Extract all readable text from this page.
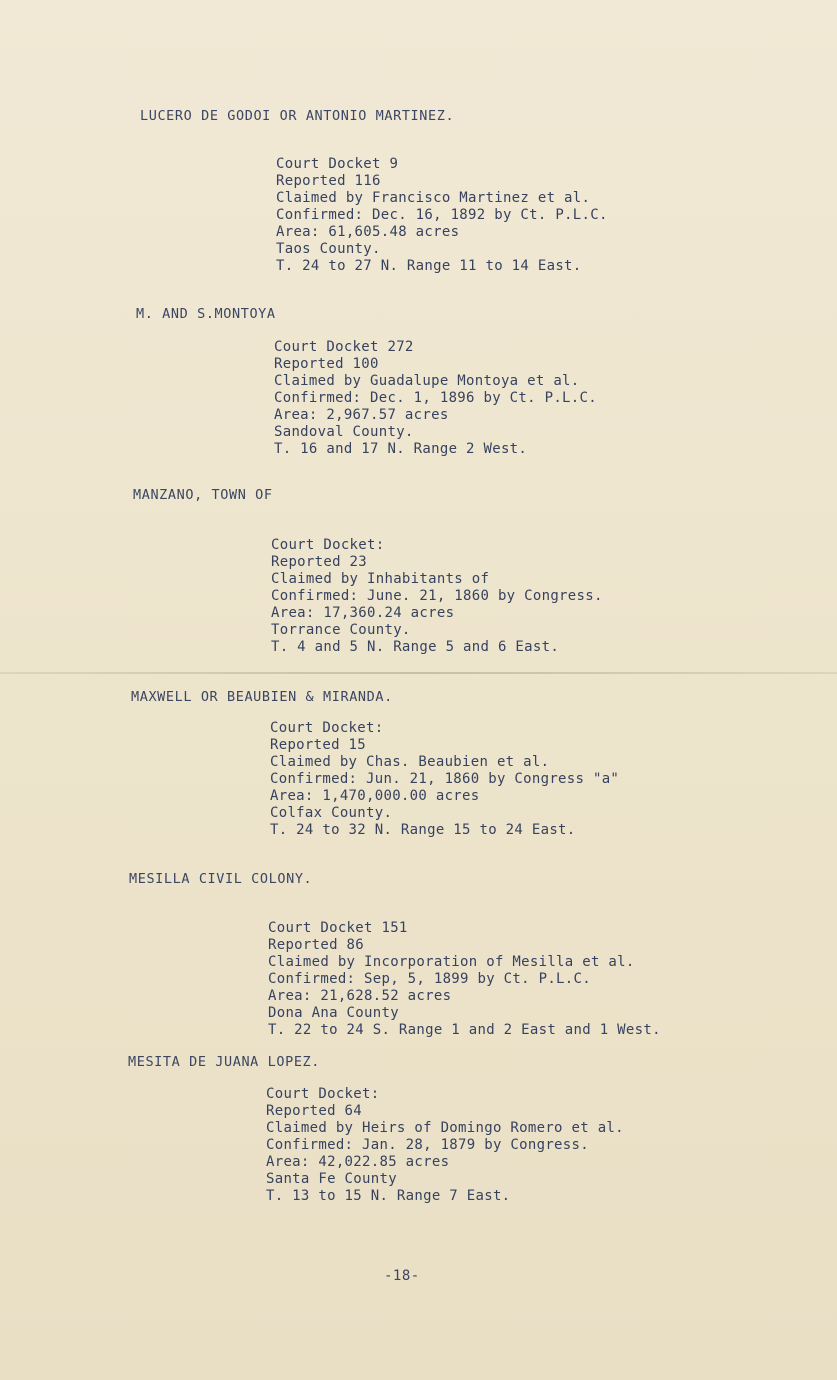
LUCERO DE GODOI OR ANTONIO MARTINEZ.
Court Docket 9
Reported 116
Claimed by Francisco Martinez et al.
Confirmed: Dec. 16, 1892 by Ct. P.L.C.
Area: 61,605.48 acres
Taos County.
T. 24 to 27 N. Range 11 to 14 East.
M. AND S.MONTOYA
Court Docket 272
Reported 100
Claimed by Guadalupe Montoya et al.
Confirmed: Dec. 1, 1896 by Ct. P.L.C.
Area: 2,967.57 acres
Sandoval County.
T. 16 and 17 N. Range 2 West.
MANZANO, TOWN OF
Court Docket:
Reported 23
Claimed by Inhabitants of
Confirmed: June. 21, 1860 by Congress.
Area: 17,360.24 acres
Torrance County.
T. 4 and 5 N. Range 5 and 6 East.
MAXWELL OR BEAUBIEN & MIRANDA.
Court Docket:
Reported 15
Claimed by Chas. Beaubien et al.
Confirmed: Jun. 21, 1860 by Congress "a"
Area: 1,470,000.00 acres
Colfax County.
T. 24 to 32 N. Range 15 to 24 East.
MESILLA CIVIL COLONY.
Court Docket 151
Reported 86
Claimed by Incorporation of Mesilla et al.
Confirmed: Sep, 5, 1899 by Ct. P.L.C.
Area: 21,628.52 acres
Dona Ana County
T. 22 to 24 S. Range 1 and 2 East and 1 West.
MESITA DE JUANA LOPEZ.
Court Docket:
Reported 64
Claimed by Heirs of Domingo Romero et al.
Confirmed: Jan. 28, 1879 by Congress.
Area: 42,022.85 acres
Santa Fe County
T. 13 to 15 N. Range 7 East.
-18-
